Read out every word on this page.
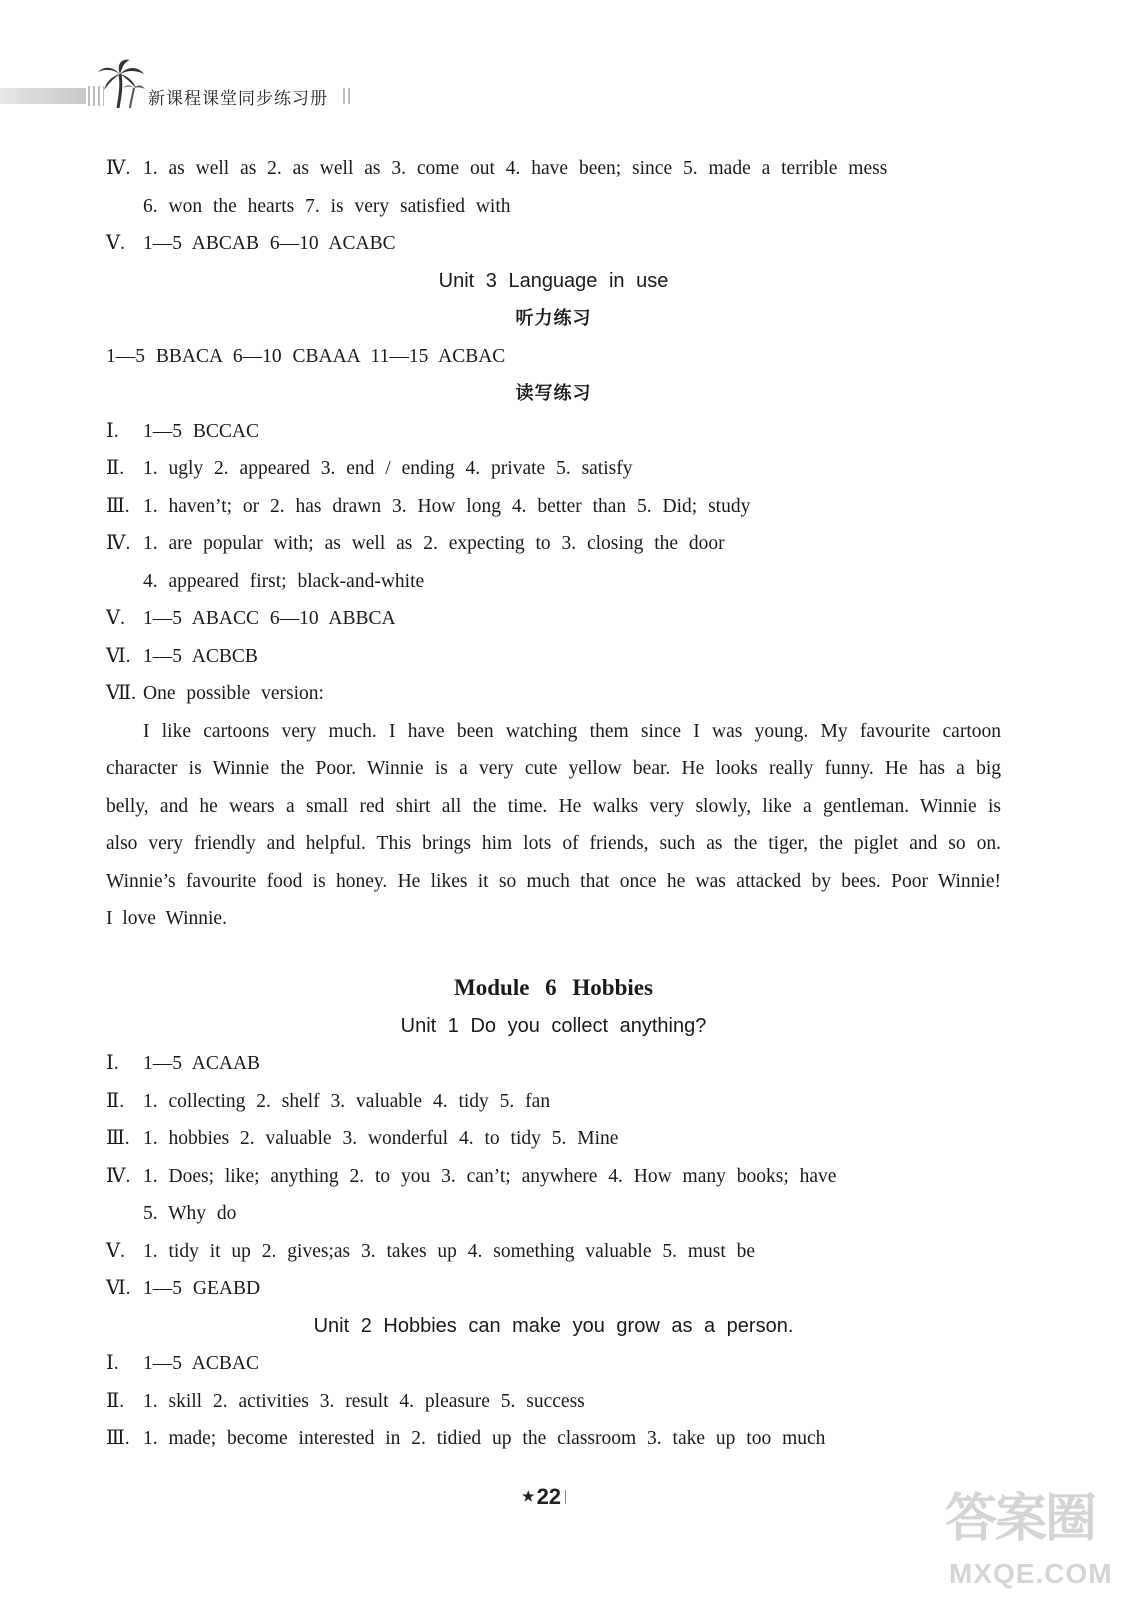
新课程课堂同步练习册
Ⅳ. 1. as well as 2. as well as 3. come out 4. have been; since 5. made a terrible mess
6. won the hearts 7. is very satisfied with
Ⅴ. 1—5 ABCAB 6—10 ACABC
Unit 3 Language in use
听力练习
1—5 BBACA 6—10 CBAAA 11—15 ACBAC
读写练习
Ⅰ. 1—5 BCCAC
Ⅱ. 1. ugly 2. appeared 3. end / ending 4. private 5. satisfy
Ⅲ. 1. haven’t; or 2. has drawn 3. How long 4. better than 5. Did; study
Ⅳ. 1. are popular with; as well as 2. expecting to 3. closing the door
4. appeared first; black-and-white
Ⅴ. 1—5 ABACC 6—10 ABBCA
Ⅵ. 1—5 ACBCB
Ⅶ. One possible version:
I like cartoons very much. I have been watching them since I was young. My favourite cartoon character is Winnie the Poor. Winnie is a very cute yellow bear. He looks really funny. He has a big belly, and he wears a small red shirt all the time. He walks very slowly, like a gentleman. Winnie is also very friendly and helpful. This brings him lots of friends, such as the tiger, the piglet and so on. Winnie’s favourite food is honey. He likes it so much that once he was attacked by bees. Poor Winnie! I love Winnie.
Module 6 Hobbies
Unit 1 Do you collect anything?
Ⅰ. 1—5 ACAAB
Ⅱ. 1. collecting 2. shelf 3. valuable 4. tidy 5. fan
Ⅲ. 1. hobbies 2. valuable 3. wonderful 4. to tidy 5. Mine
Ⅳ. 1. Does; like; anything 2. to you 3. can’t; anywhere 4. How many books; have
5. Why do
Ⅴ. 1. tidy it up 2. gives;as 3. takes up 4. something valuable 5. must be
Ⅵ. 1—5 GEABD
Unit 2 Hobbies can make you grow as a person.
Ⅰ. 1—5 ACBAC
Ⅱ. 1. skill 2. activities 3. result 4. pleasure 5. success
Ⅲ. 1. made; become interested in 2. tidied up the classroom 3. take up too much
★22	答案圈
MXQE.COM
